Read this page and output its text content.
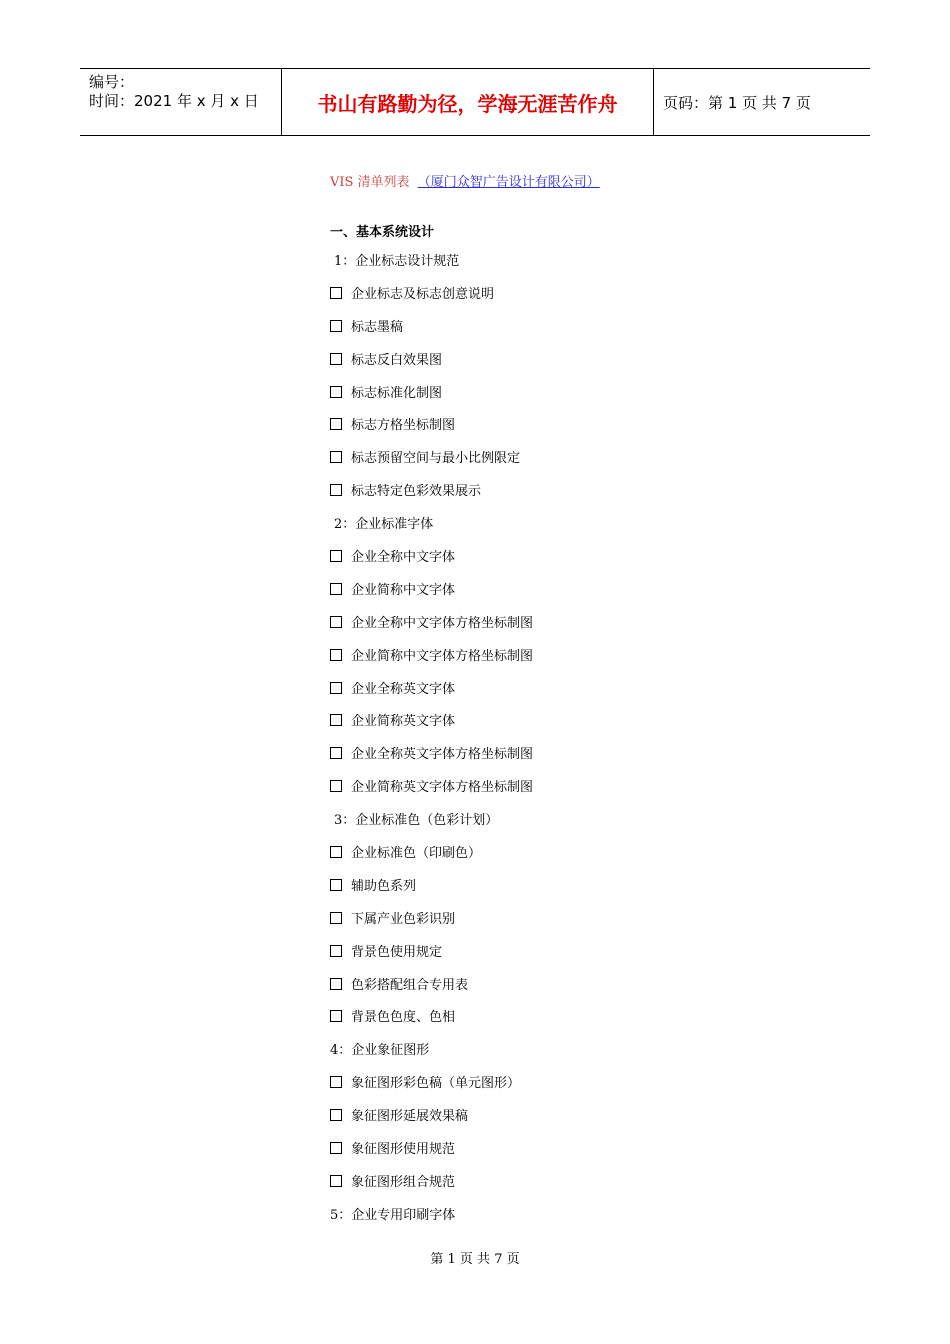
编号：
时间：2021 年 x 月 x 日	书山有路勤为径，学海无涯苦作舟	页码：第 1 页 共 7 页
VIS 清单列表 （厦门众智广告设计有限公司）
一、基本系统设计
1：企业标志设计规范
企业标志及标志创意说明
标志墨稿
标志反白效果图
标志标准化制图
标志方格坐标制图
标志预留空间与最小比例限定
标志特定色彩效果展示
2：企业标准字体
企业全称中文字体
企业简称中文字体
企业全称中文字体方格坐标制图
企业简称中文字体方格坐标制图
企业全称英文字体
企业简称英文字体
企业全称英文字体方格坐标制图
企业简称英文字体方格坐标制图
3：企业标准色（色彩计划）
企业标准色（印刷色）
辅助色系列
下属产业色彩识别
背景色使用规定
色彩搭配组合专用表
背景色色度、色相
4：企业象征图形
象征图形彩色稿（单元图形）
象征图形延展效果稿
象征图形使用规范
象征图形组合规范
5：企业专用印刷字体
第 1 页 共 7 页
